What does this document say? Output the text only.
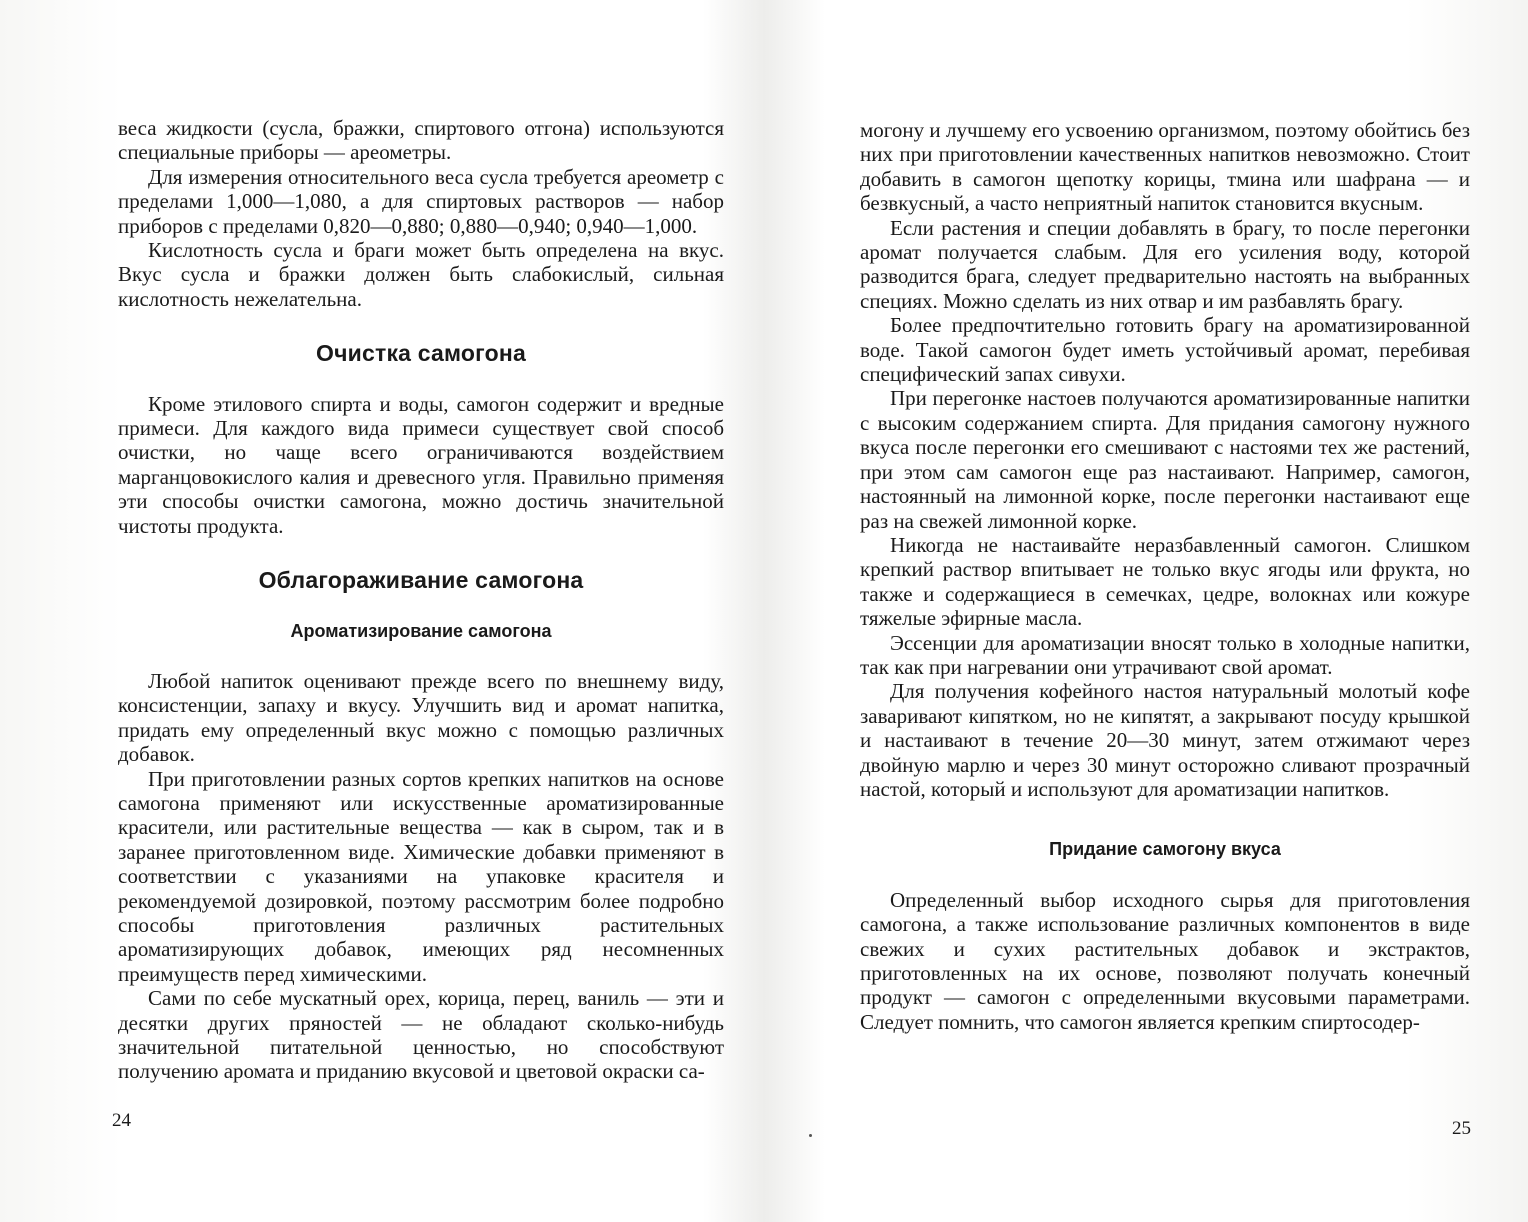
веса жидкости (сусла, бражки, спиртового отгона) используются специальные приборы — ареометры.

Для измерения относительного веса сусла требуется ареометр с пределами 1,000—1,080, а для спиртовых растворов — набор приборов с пределами 0,820—0,880; 0,880—0,940; 0,940—1,000.

Кислотность сусла и браги может быть определена на вкус. Вкус сусла и бражки должен быть слабокислый, сильная кислотность нежелательна.

Очистка самогона

Кроме этилового спирта и воды, самогон содержит и вредные примеси. Для каждого вида примеси существует свой способ очистки, но чаще всего ограничиваются воздействием марганцовокислого калия и древесного угля. Правильно применяя эти способы очистки самогона, можно достичь значительной чистоты продукта.

Облагораживание самогона
Ароматизирование самогона

Любой напиток оценивают прежде всего по внешнему виду, консистенции, запаху и вкусу. Улучшить вид и аромат напитка, придать ему определенный вкус можно с помощью различных добавок.

При приготовлении разных сортов крепких напитков на основе самогона применяют или искусственные ароматизированные красители, или растительные вещества — как в сыром, так и в заранее приготовленном виде. Химические добавки применяют в соответствии с указаниями на упаковке красителя и рекомендуемой дозировкой, поэтому рассмотрим более подробно способы приготовления различных растительных ароматизирующих добавок, имеющих ряд несомненных преимуществ перед химическими.

Сами по себе мускатный орех, корица, перец, ваниль — эти и десятки других пряностей — не обладают сколько-нибудь значительной питательной ценностью, но способствуют получению аромата и приданию вкусовой и цветовой окраски са-

24

могону и лучшему его усвоению организмом, поэтому обойтись без них при приготовлении качественных напитков невозможно. Стоит добавить в самогон щепотку корицы, тмина или шафрана — и безвкусный, а часто неприятный напиток становится вкусным.

Если растения и специи добавлять в брагу, то после перегонки аромат получается слабым. Для его усиления воду, которой разводится брага, следует предварительно настоять на выбранных специях. Можно сделать из них отвар и им разбавлять брагу.

Более предпочтительно готовить брагу на ароматизированной воде. Такой самогон будет иметь устойчивый аромат, перебивая специфический запах сивухи.

При перегонке настоев получаются ароматизированные напитки с высоким содержанием спирта. Для придания самогону нужного вкуса после перегонки его смешивают с настоями тех же растений, при этом сам самогон еще раз настаивают. Например, самогон, настоянный на лимонной корке, после перегонки настаивают еще раз на свежей лимонной корке.

Никогда не настаивайте неразбавленный самогон. Слишком крепкий раствор впитывает не только вкус ягоды или фрукта, но также и содержащиеся в семечках, цедре, волокнах или кожуре тяжелые эфирные масла.

Эссенции для ароматизации вносят только в холодные напитки, так как при нагревании они утрачивают свой аромат.

Для получения кофейного настоя натуральный молотый кофе заваривают кипятком, но не кипятят, а закрывают посуду крышкой и настаивают в течение 20—30 минут, затем отжимают через двойную марлю и через 30 минут осторожно сливают прозрачный настой, который и используют для ароматизации напитков.

Придание самогону вкуса

Определенный выбор исходного сырья для приготовления самогона, а также использование различных компонентов в виде свежих и сухих растительных добавок и экстрактов, приготовленных на их основе, позволяют получать конечный продукт — самогон с определенными вкусовыми параметрами. Следует помнить, что самогон является крепким спиртосодер-

25
